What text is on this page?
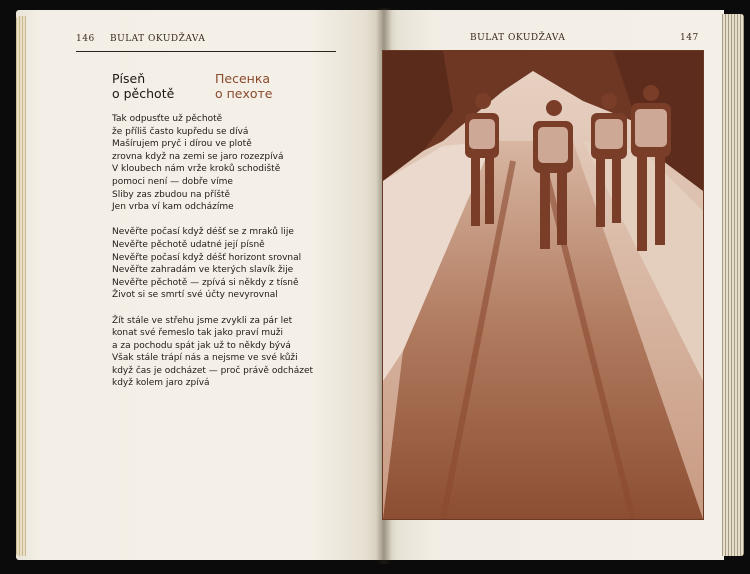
146 BULAT OKUDŽAVA
Píseň
o pěchotě
Песенка
о пехоте

Tak odpusťte už pěchotě

že příliš často kupředu se dívá

Mašírujem pryč i dírou ve plotě

zrovna když na zemi se jaro rozezpívá

V kloubech nám vrže kroků schodiště

pomoci není — dobře víme

Sliby zas zbudou na příště

Jen vrba ví kam odcházíme

Nevěřte počasí když déšť se z mraků lije

Nevěřte pěchotě udatné její písně

Nevěřte počasí když déšť horizont srovnal

Nevěřte zahradám ve kterých slavík žije

Nevěřte pěchotě — zpívá si někdy z tísně

Život si se smrtí své účty nevyrovnal

Žít stále ve střehu jsme zvykli za pár let

konat své řemeslo tak jako praví muži

a za pochodu spát jak už to někdy bývá

Však stále trápí nás a nejsme ve své kůži

když čas je odcházet — proč právě odcházet

když kolem jaro zpívá

BULAT OKUDŽAVA	147
